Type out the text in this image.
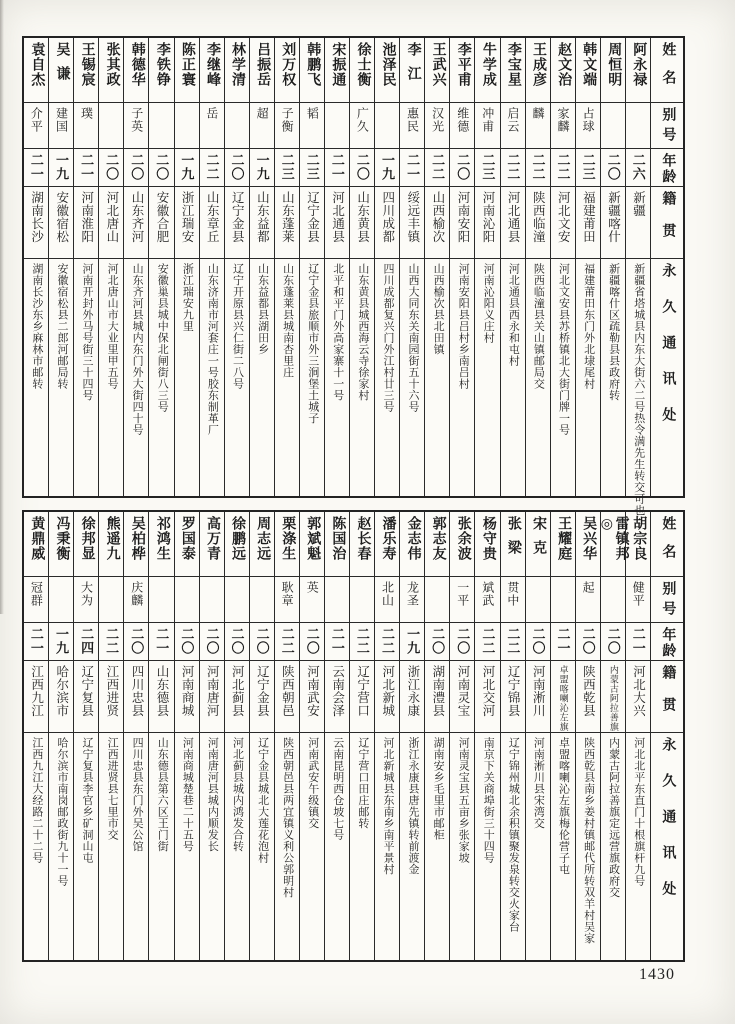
姓名
别号
年龄
籍贯
永久通讯处
阿永禄
二六
新疆
新疆省塔城县内东大街六二号热令满先生转交可也
周恒明
二〇
新疆喀什
新疆喀什区疏勒县县政府转
韩文端
占球
二三
福建莆田
福建莆田东门外北埭尾村
赵文治
家麟
二二
河北文安
河北文安县苏桥镇北大街门牌一号
王成彦
麟
二二
陕西临潼
陕西临潼县关山镇邮局交
李宝星
启云
二二
河北通县
河北通县西永和屯村
牛学成
冲甫
二三
河南沁阳
河南沁阳义庄村
李平甫
维德
二〇
河南安阳
河南安阳县吕村乡南吕村
王武兴
汉光
二二
山西榆次
山西榆次县北田镇
李江
惠民
二一
绥远丰镇
山西大同东关南园街五十六号
池泽民
一九
四川成都
四川成都复兴门外江村廿三号
徐士衡
广久
二〇
山东黄县
山东黄县城西海云寺徐家村
宋振通
二一
河北通县
北平和平门外高家寨十一号
韩鹏飞
韬
二三
辽宁金县
辽宁金县旅顺市外三涧堡土城子
刘万权
子衡
二三
山东蓬莱
山东蓬莱县城南杏里庄
吕振岳
超
一九
山东益都
山东益都县湖田乡
林学清
二〇
辽宁金县
辽宁开原县兴仁街二八号
李继峰
岳
二二
山东章丘
山东济南市河套庄一号胶东制革厂
陈正寰
一九
浙江瑞安
浙江瑞安九里
李铁铮
二〇
安徽合肥
安徽巢县城中保北闸街八三号
韩德华
子英
二〇
山东齐河
山东齐河县城内东门外大街四十号
张其政
二〇
河北唐山
河北唐山市大业里甲五号
王锡宸
璞
二一
河南淮阳
河南开封外马号街三十四号
吴谦
建国
一九
安徽宿松
安徽宿松县二郎河邮局转
袁自杰
介平
二一
湖南长沙
湖南长沙东乡麻林市邮转
姓名
别号
年龄
籍贯
永久通讯处
胡宗良
健平
二一
河北大兴
河北北平东直门十根旗杆九号
雷镇邦◎
二〇
内蒙古阿拉善旗
内蒙古阿拉善旗定远营旗政府交
吴兴华
起
二〇
陕西乾县
陕西乾县南乡姜村镇邮代所转双羊村吴家
王耀庭
二一
卓盟喀喇沁左旗
卓盟喀喇沁左旗梅伦营子屯
宋克
二〇
河南淅川
河南淅川县宋湾交
张梁
贯中
二二
辽宁锦县
辽宁锦州城北余积镇聚发泉转交火家台
杨守贵
斌武
二二
河北交河
南京下关商埠街三十四号
张余波
一平
二〇
河南灵宝
河南灵宝县五亩乡张家坡
郭志友
二〇
湖南澧县
湖南安乡毛里市邮柜
金志伟
龙圣
一九
浙江永康
浙江永康县唐先镇转前渡金
潘乐寿
北山
二二
河北新城
河北新城县东南乡南平景村
赵长春
二二
辽宁营口
辽宁营口田庄邮转
陈国治
二一
云南会泽
云南昆明西仓坡七号
郭斌魁
英
二〇
河南武安
河南武安午级镇交
栗涤生
耿章
二二
陕西朝邑
陕西朝邑县两宜镇义利公郭明村
周志远
二〇
辽宁金县
辽宁金县城北大莲花泡村
徐鹏远
二〇
河北蓟县
河北蓟县城内鸿发合转
高万青
二〇
河南唐河
河南唐河县城内顺发长
罗国泰
二〇
河南商城
河南商城楚巷二十五号
祁鸿生
二一
山东德县
山东德县第六区王门街
吴柏桦
庆麟
二〇
四川忠县
四川忠县东门外吴公馆
熊遥九
二二
江西进贤
江西进贤县七里市交
徐邦显
大为
二四
辽宁复县
辽宁复县李官乡矿洞山屯
冯秉衡
一九
哈尔滨市
哈尔滨市南岗邮政街九十一号
黄鼎威
冠群
二一
江西九江
江西九江大经路二十二号
1430
